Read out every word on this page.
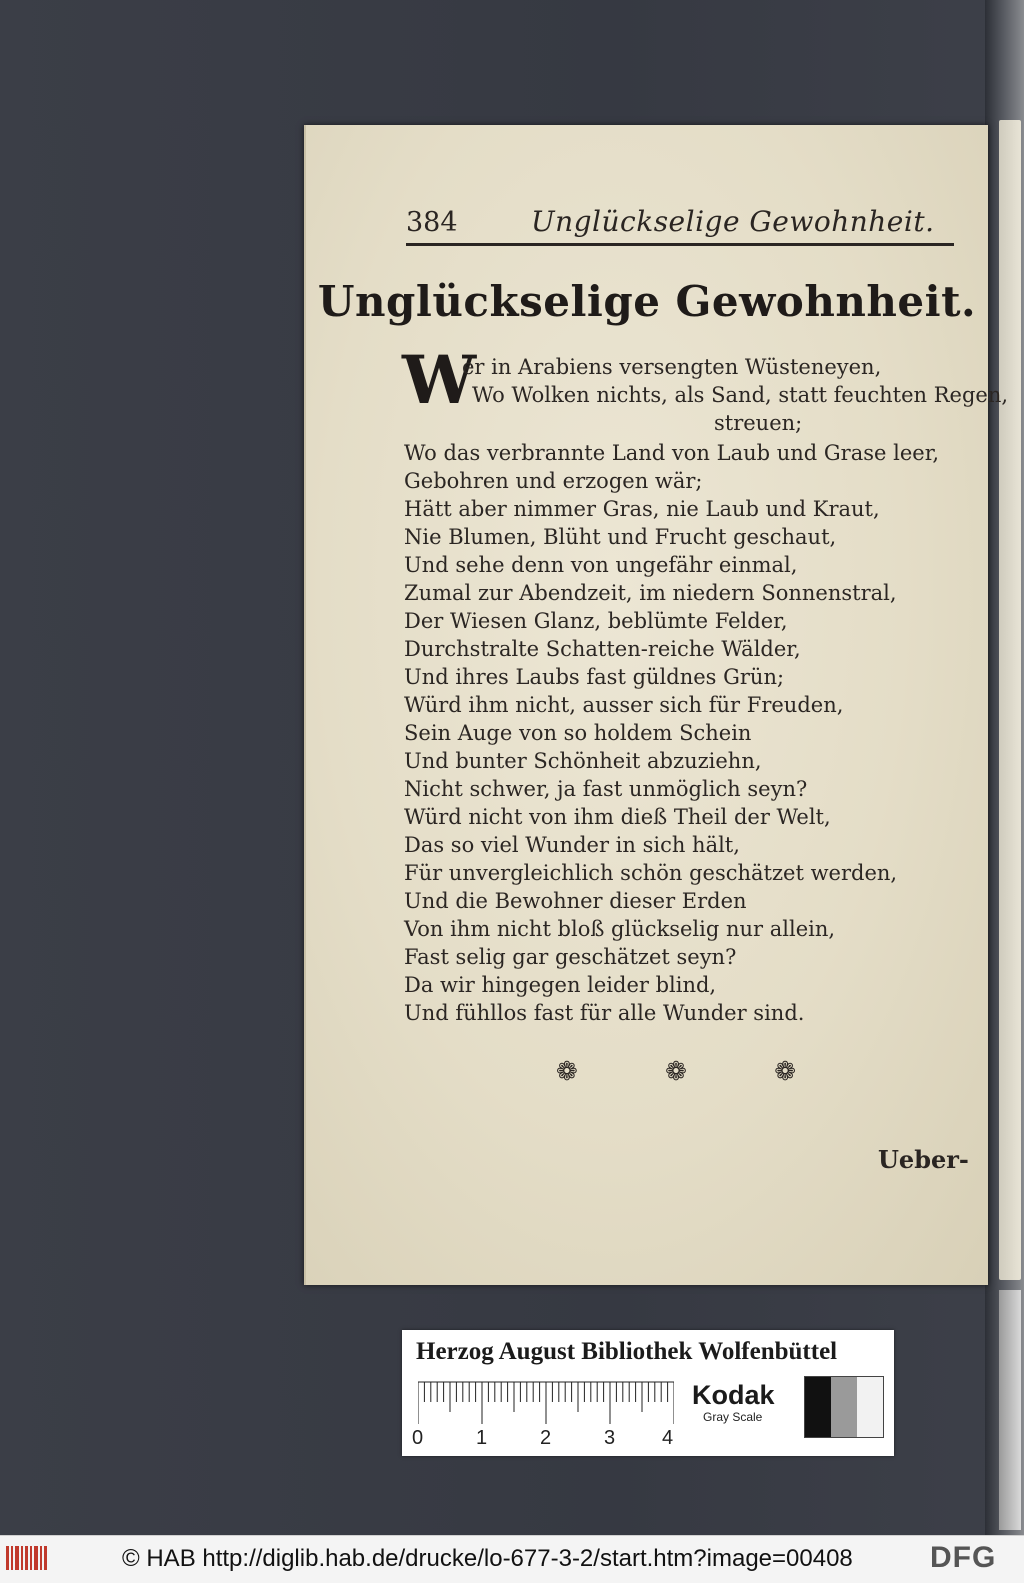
384	Unglückselige Gewohnheit.
Unglückselige Gewohnheit.
W
er in Arabiens versengten Wüsteneyen,
Wo Wolken nichts, als Sand, statt feuchten Regen,
streuen;
Wo das verbrannte Land von Laub und Grase leer,
Gebohren und erzogen wär;
Hätt aber nimmer Gras, nie Laub und Kraut,
Nie Blumen, Blüht und Frucht geschaut,
Und sehe denn von ungefähr einmal,
Zumal zur Abendzeit, im niedern Sonnenstral,
Der Wiesen Glanz, beblümte Felder,
Durchstralte Schatten-reiche Wälder,
Und ihres Laubs fast güldnes Grün;
Würd ihm nicht, ausser sich für Freuden,
Sein Auge von so holdem Schein
Und bunter Schönheit abzuziehn,
Nicht schwer, ja fast unmöglich seyn?
Würd nicht von ihm dieß Theil der Welt,
Das so viel Wunder in sich hält,
Für unvergleichlich schön geschätzet werden,
Und die Bewohner dieser Erden
Von ihm nicht bloß glückselig nur allein,
Fast selig gar geschätzet seyn?
Da wir hingegen leider blind,
Und fühllos fast für alle Wunder sind.
❁	❁	❁
Ueber-
Herzog August Bibliothek Wolfenbüttel
0	1	2	3 4
Kodak
Gray Scale
© HAB http://diglib.hab.de/drucke/lo-677-3-2/start.htm?image=00408	DFG
